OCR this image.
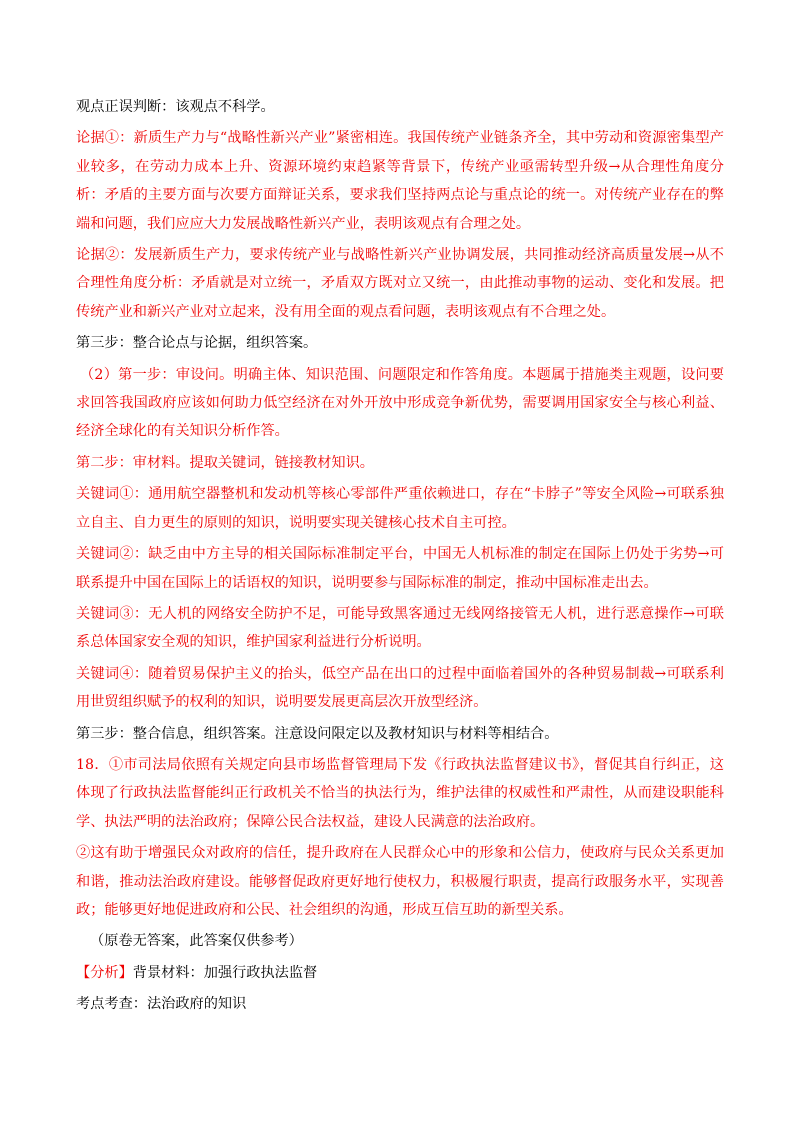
观点正误判断：该观点不科学。

论据①：新质生产力与“战略性新兴产业”紧密相连。我国传统产业链条齐全，其中劳动和资源密集型产业较多，在劳动力成本上升、资源环境约束趋紧等背景下，传统产业亟需转型升级→从合理性角度分析：矛盾的主要方面与次要方面辩证关系，要求我们坚持两点论与重点论的统一。对传统产业存在的弊端和问题，我们应应大力发展战略性新兴产业，表明该观点有合理之处。

论据②：发展新质生产力，要求传统产业与战略性新兴产业协调发展，共同推动经济高质量发展→从不合理性角度分析：矛盾就是对立统一，矛盾双方既对立又统一，由此推动事物的运动、变化和发展。把传统产业和新兴产业对立起来，没有用全面的观点看问题，表明该观点有不合理之处。

第三步：整合论点与论据，组织答案。

（2）第一步：审设问。明确主体、知识范围、问题限定和作答角度。本题属于措施类主观题，设问要求回答我国政府应该如何助力低空经济在对外开放中形成竞争新优势，需要调用国家安全与核心利益、经济全球化的有关知识分析作答。

第二步：审材料。提取关键词，链接教材知识。

关键词①：通用航空器整机和发动机等核心零部件严重依赖进口，存在“卡脖子”等安全风险→可联系独立自主、自力更生的原则的知识，说明要实现关键核心技术自主可控。

关键词②：缺乏由中方主导的相关国际标准制定平台，中国无人机标准的制定在国际上仍处于劣势→可联系提升中国在国际上的话语权的知识，说明要参与国际标准的制定，推动中国标准走出去。

关键词③：无人机的网络安全防护不足，可能导致黑客通过无线网络接管无人机，进行恶意操作→可联系总体国家安全观的知识，维护国家利益进行分析说明。

关键词④：随着贸易保护主义的抬头，低空产品在出口的过程中面临着国外的各种贸易制裁→可联系利用世贸组织赋予的权利的知识，说明要发展更高层次开放型经济。

第三步：整合信息，组织答案。注意设问限定以及教材知识与材料等相结合。

18．①市司法局依照有关规定向县市场监督管理局下发《行政执法监督建议书》，督促其自行纠正，这体现了行政执法监督能纠正行政机关不恰当的执法行为，维护法律的权威性和严肃性，从而建设职能科学、执法严明的法治政府；保障公民合法权益，建设人民满意的法治政府。

②这有助于增强民众对政府的信任，提升政府在人民群众心中的形象和公信力，使政府与民众关系更加和谐，推动法治政府建设。能够督促政府更好地行使权力，积极履行职责，提高行政服务水平，实现善政；能够更好地促进政府和公民、社会组织的沟通，形成互信互助的新型关系。

（原卷无答案，此答案仅供参考）

【分析】背景材料：加强行政执法监督

考点考查：法治政府的知识
